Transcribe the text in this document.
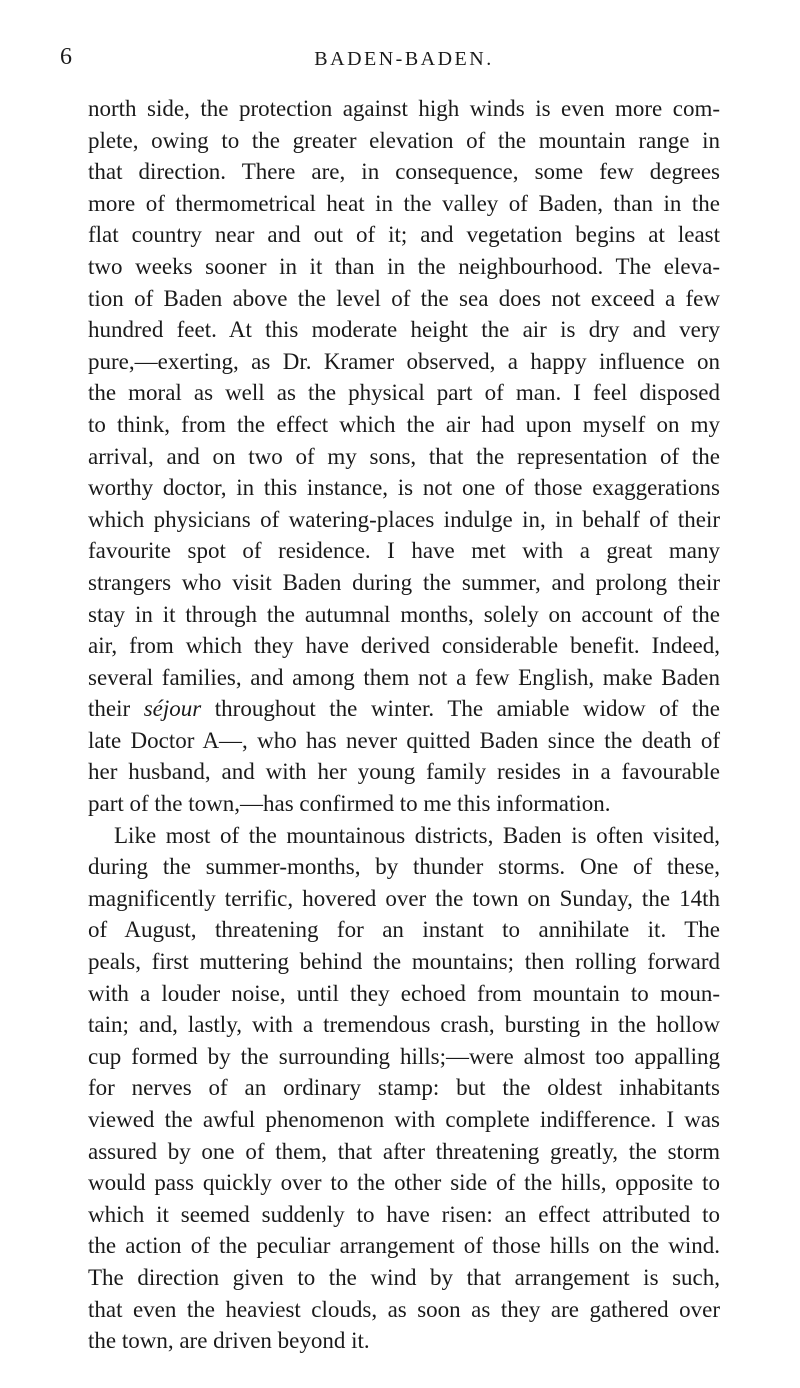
6	BADEN-BADEN.
north side, the protection against high winds is even more com-
plete, owing to the greater elevation of the mountain range in
that direction. There are, in consequence, some few degrees
more of thermometrical heat in the valley of Baden, than in the
flat country near and out of it; and vegetation begins at least
two weeks sooner in it than in the neighbourhood. The eleva-
tion of Baden above the level of the sea does not exceed a few
hundred feet. At this moderate height the air is dry and very
pure,—exerting, as Dr. Kramer observed, a happy influence on
the moral as well as the physical part of man. I feel disposed
to think, from the effect which the air had upon myself on my
arrival, and on two of my sons, that the representation of the
worthy doctor, in this instance, is not one of those exaggerations
which physicians of watering-places indulge in, in behalf of their
favourite spot of residence. I have met with a great many
strangers who visit Baden during the summer, and prolong their
stay in it through the autumnal months, solely on account of the
air, from which they have derived considerable benefit. Indeed,
several families, and among them not a few English, make Baden
their séjour throughout the winter. The amiable widow of the
late Doctor A—, who has never quitted Baden since the death of
her husband, and with her young family resides in a favourable
part of the town,—has confirmed to me this information.
Like most of the mountainous districts, Baden is often visited,
during the summer-months, by thunder storms. One of these,
magnificently terrific, hovered over the town on Sunday, the 14th
of August, threatening for an instant to annihilate it. The
peals, first muttering behind the mountains; then rolling forward
with a louder noise, until they echoed from mountain to moun-
tain; and, lastly, with a tremendous crash, bursting in the hollow
cup formed by the surrounding hills;—were almost too appalling
for nerves of an ordinary stamp: but the oldest inhabitants
viewed the awful phenomenon with complete indifference. I was
assured by one of them, that after threatening greatly, the storm
would pass quickly over to the other side of the hills, opposite to
which it seemed suddenly to have risen: an effect attributed to
the action of the peculiar arrangement of those hills on the wind.
The direction given to the wind by that arrangement is such,
that even the heaviest clouds, as soon as they are gathered over
the town, are driven beyond it.
